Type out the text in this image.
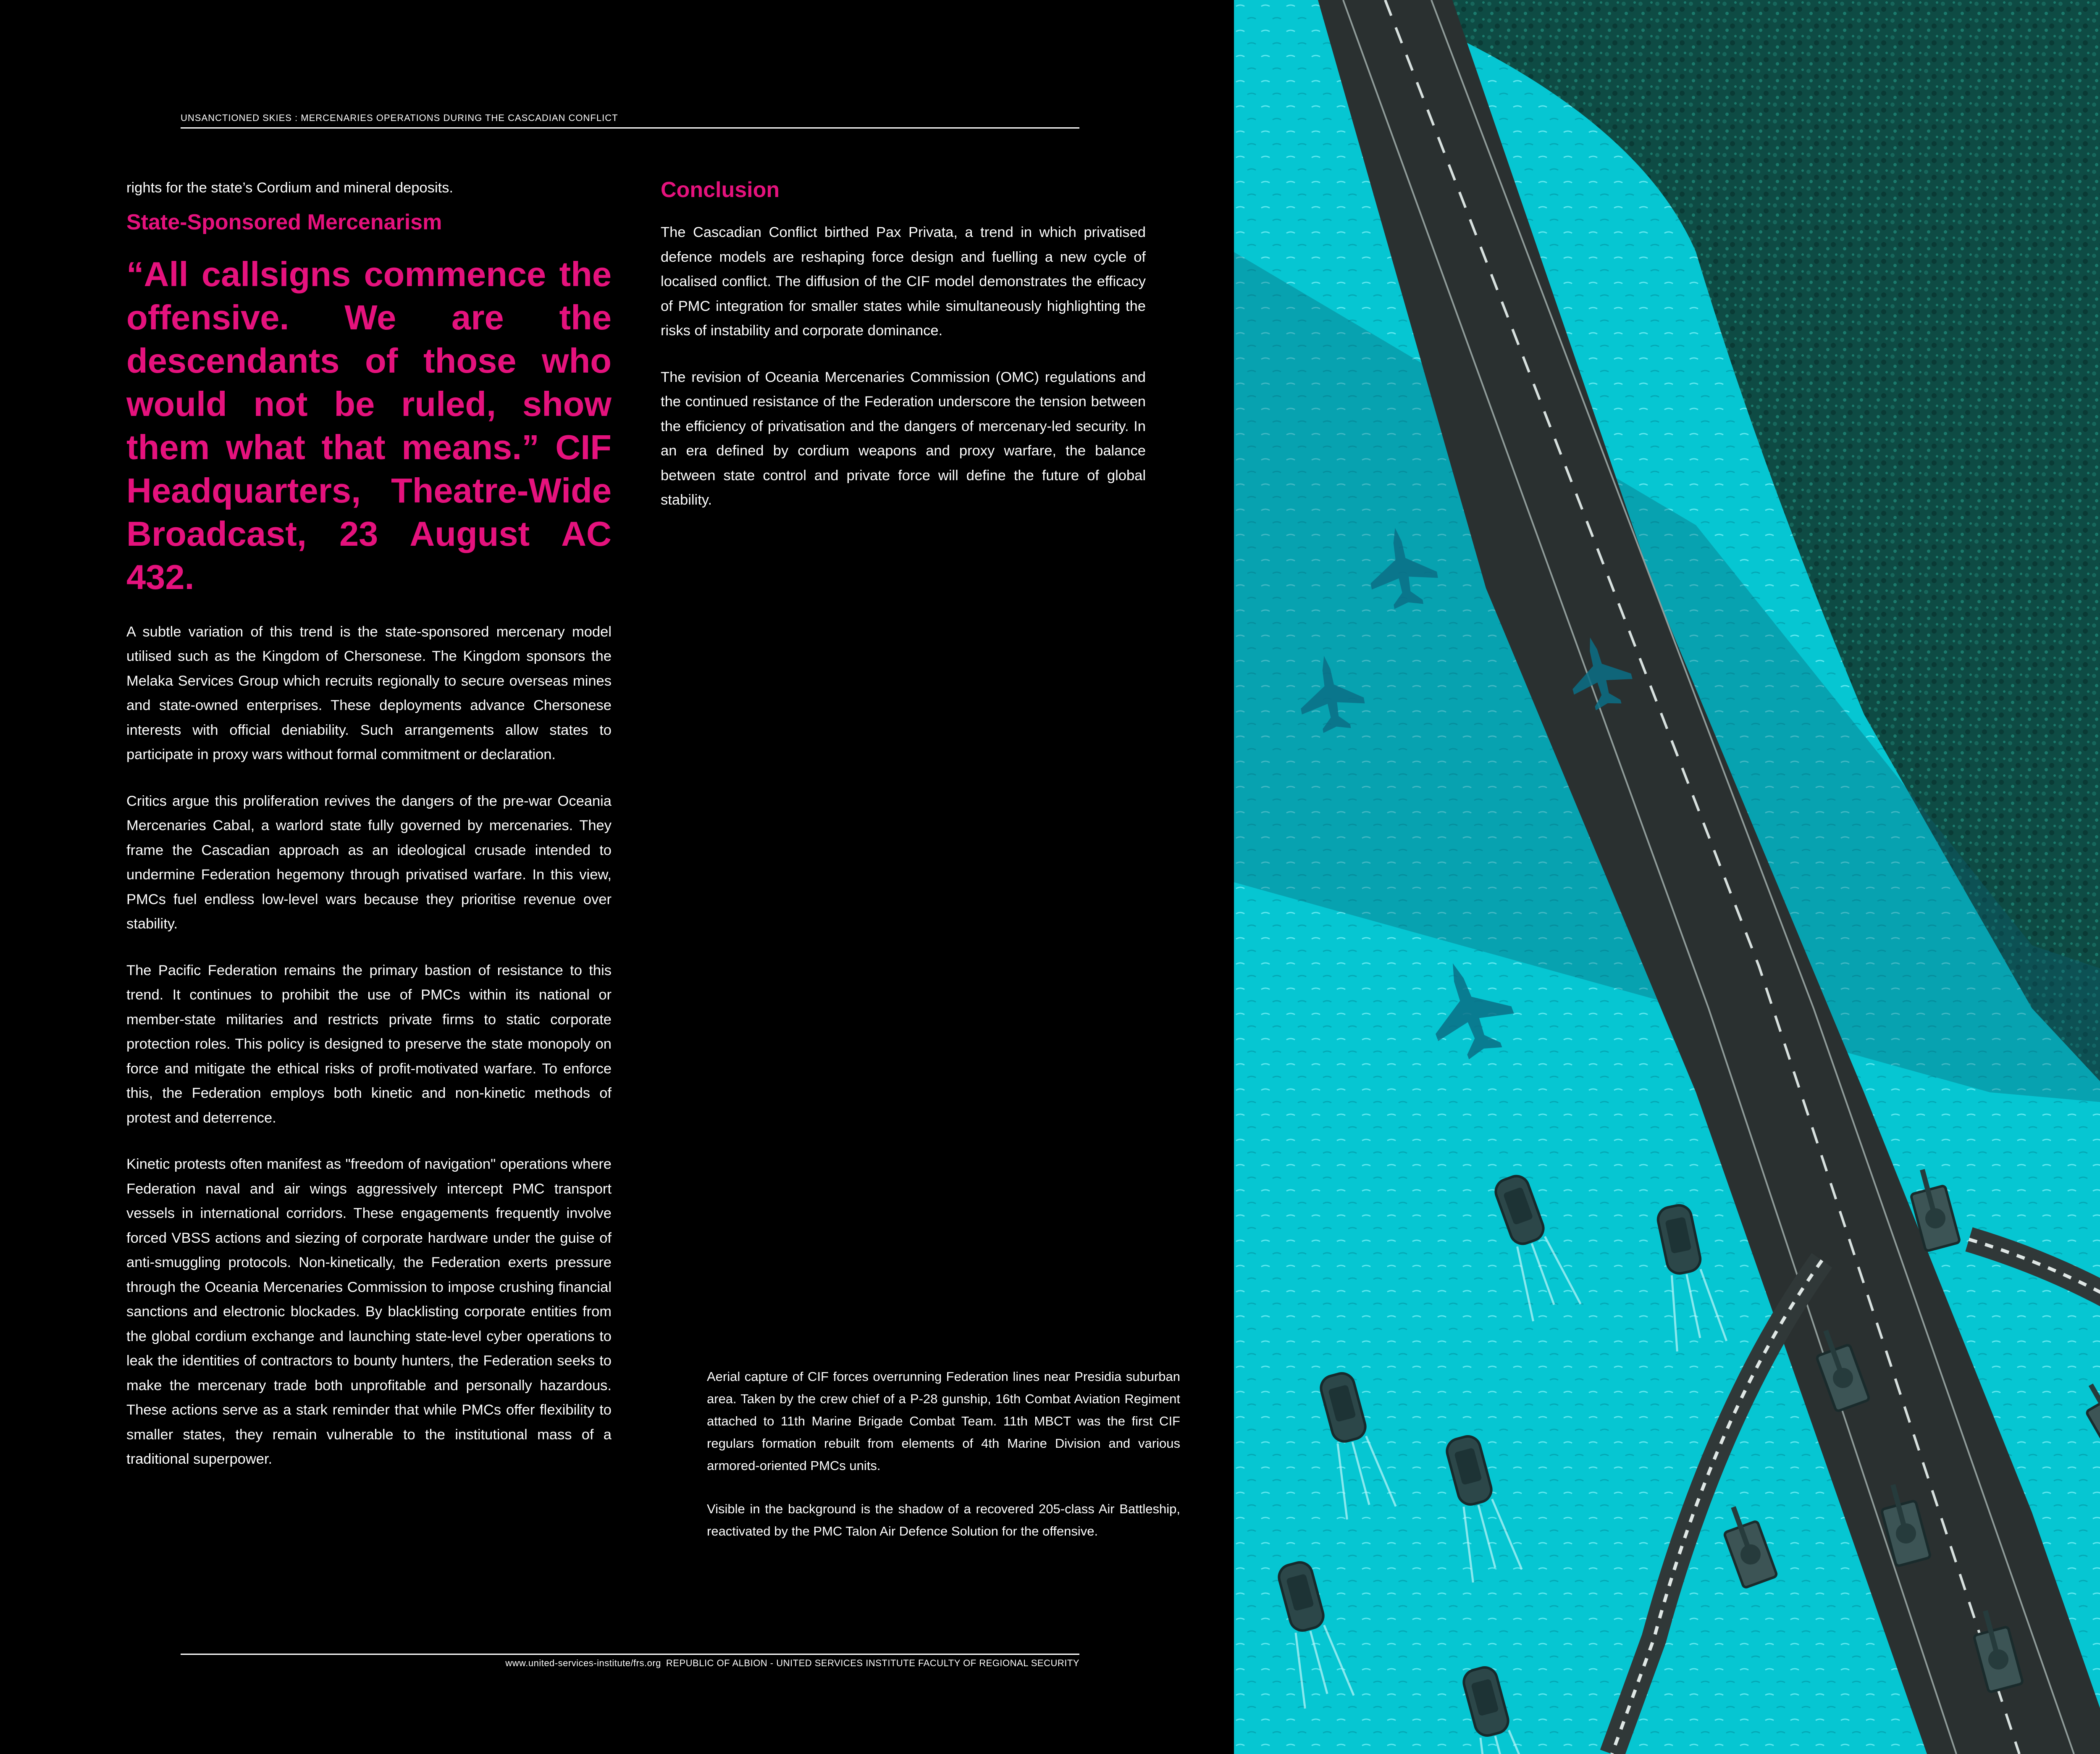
UNSANCTIONED SKIES : MERCENARIES OPERATIONS DURING THE CASCADIAN CONFLICT

rights for the state’s Cordium and mineral deposits.

State-Sponsored Mercenarism
“All callsigns commence the offensive. We are the descendants of those who would not be ruled, show them what that means.” CIF Headquarters, Theatre-Wide Broadcast, 23 August AC 432.

A subtle variation of this trend is the state-sponsored mercenary model utilised such as the Kingdom of Chersonese. The Kingdom sponsors the Melaka Services Group which recruits regionally to secure overseas mines and state-owned enterprises. These deployments advance Chersonese interests with official deniability. Such arrangements allow states to participate in proxy wars without formal commitment or declaration.

Critics argue this proliferation revives the dangers of the pre-war Oceania Mercenaries Cabal, a warlord state fully governed by mercenaries. They frame the Cascadian approach as an ideological crusade intended to undermine Federation hegemony through privatised warfare. In this view, PMCs fuel endless low-level wars because they prioritise revenue over stability.

The Pacific Federation remains the primary bastion of resistance to this trend. It continues to prohibit the use of PMCs within its national or member-state militaries and restricts private firms to static corporate protection roles. This policy is designed to preserve the state monopoly on force and mitigate the ethical risks of profit-motivated warfare. To enforce this, the Federation employs both kinetic and non-kinetic methods of protest and deterrence.

Kinetic protests often manifest as "freedom of navigation" operations where Federation naval and air wings aggressively intercept PMC transport vessels in international corridors. These engagements frequently involve forced VBSS actions and siezing of corporate hardware under the guise of anti-smuggling protocols. Non-kinetically, the Federation exerts pressure through the Oceania Mercenaries Commission to impose crushing financial sanctions and electronic blockades. By blacklisting corporate entities from the global cordium exchange and launching state-level cyber operations to leak the identities of contractors to bounty hunters, the Federation seeks to make the mercenary trade both unprofitable and personally hazardous. These actions serve as a stark reminder that while PMCs offer flexibility to smaller states, they remain vulnerable to the institutional mass of a traditional superpower.

Conclusion

The Cascadian Conflict birthed Pax Privata, a trend in which privatised defence models are reshaping force design and fuelling a new cycle of localised conflict. The diffusion of the CIF model demonstrates the efficacy of PMC integration for smaller states while simultaneously highlighting the risks of instability and corporate dominance.

The revision of Oceania Mercenaries Commission (OMC) regulations and the continued resistance of the Federation underscore the tension between the efficiency of privatisation and the dangers of mercenary-led security. In an era defined by cordium weapons and proxy warfare, the balance between state control and private force will define the future of global stability.

Aerial capture of CIF forces overrunning Federation lines near Presidia suburban area. Taken by the crew chief of a P-28 gunship, 16th Combat Aviation Regiment attached to 11th Marine Brigade Combat Team. 11th MBCT was the first CIF regulars formation rebuilt from elements of 4th Marine Division and various armored-oriented PMCs units.

Visible in the background is the shadow of a recovered 205-class Air Battleship, reactivated by the PMC Talon Air Defence Solution for the offensive.

www.united-services-institute/frs.org REPUBLIC OF ALBION - UNITED SERVICES INSTITUTE FACULTY OF REGIONAL SECURITY
